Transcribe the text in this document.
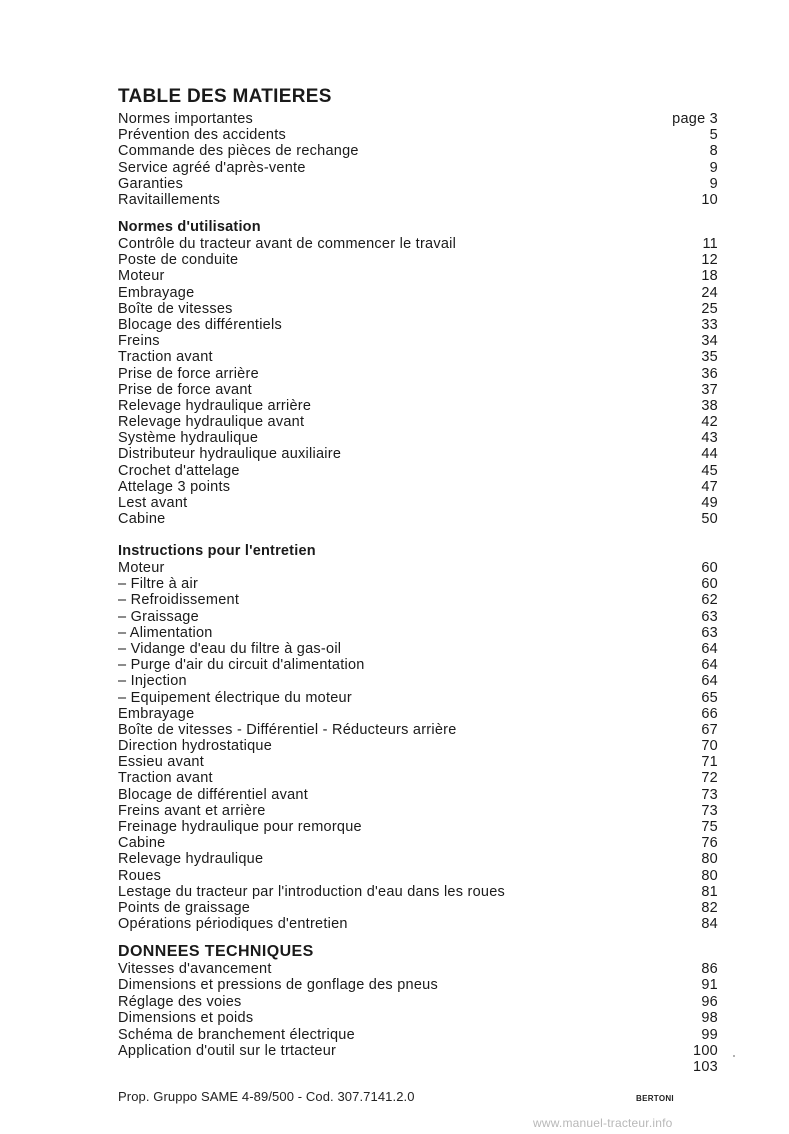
TABLE DES MATIERES
Normes importantes	page 3
Prévention des accidents	5
Commande des pièces de rechange	8
Service agréé d'après-vente	9
Garanties	9
Ravitaillements	10
Normes d'utilisation
Contrôle du tracteur avant de commencer le travail	11
Poste de conduite	12
Moteur	18
Embrayage	24
Boîte de vitesses	25
Blocage des différentiels	33
Freins	34
Traction avant	35
Prise de force arrière	36
Prise de force avant	37
Relevage hydraulique arrière	38
Relevage hydraulique avant	42
Système hydraulique	43
Distributeur hydraulique auxiliaire	44
Crochet d'attelage	45
Attelage 3 points	47
Lest avant	49
Cabine	50
Instructions pour l'entretien
Moteur	60
– Filtre à air	60
– Refroidissement	62
– Graissage	63
– Alimentation	63
– Vidange d'eau du filtre à gas-oil	64
– Purge d'air du circuit d'alimentation	64
– Injection	64
– Equipement électrique du moteur	65
Embrayage	66
Boîte de vitesses - Différentiel - Réducteurs arrière	67
Direction hydrostatique	70
Essieu avant	71
Traction avant	72
Blocage de différentiel avant	73
Freins avant et arrière	73
Freinage hydraulique pour remorque	75
Cabine	76
Relevage hydraulique	80
Roues	80
Lestage du tracteur par l'introduction d'eau dans les roues	81
Points de graissage	82
Opérations périodiques d'entretien	84
DONNEES TECHNIQUES
Vitesses d'avancement	86
Dimensions et pressions de gonflage des pneus	91
Réglage des voies	96
Dimensions et poids	98
Schéma de branchement électrique	99
Application d'outil sur le trtacteur	100
103
Prop. Gruppo SAME 4-89/500 - Cod. 307.7141.2.0	BERTONI
www.manuel-tracteur.info
